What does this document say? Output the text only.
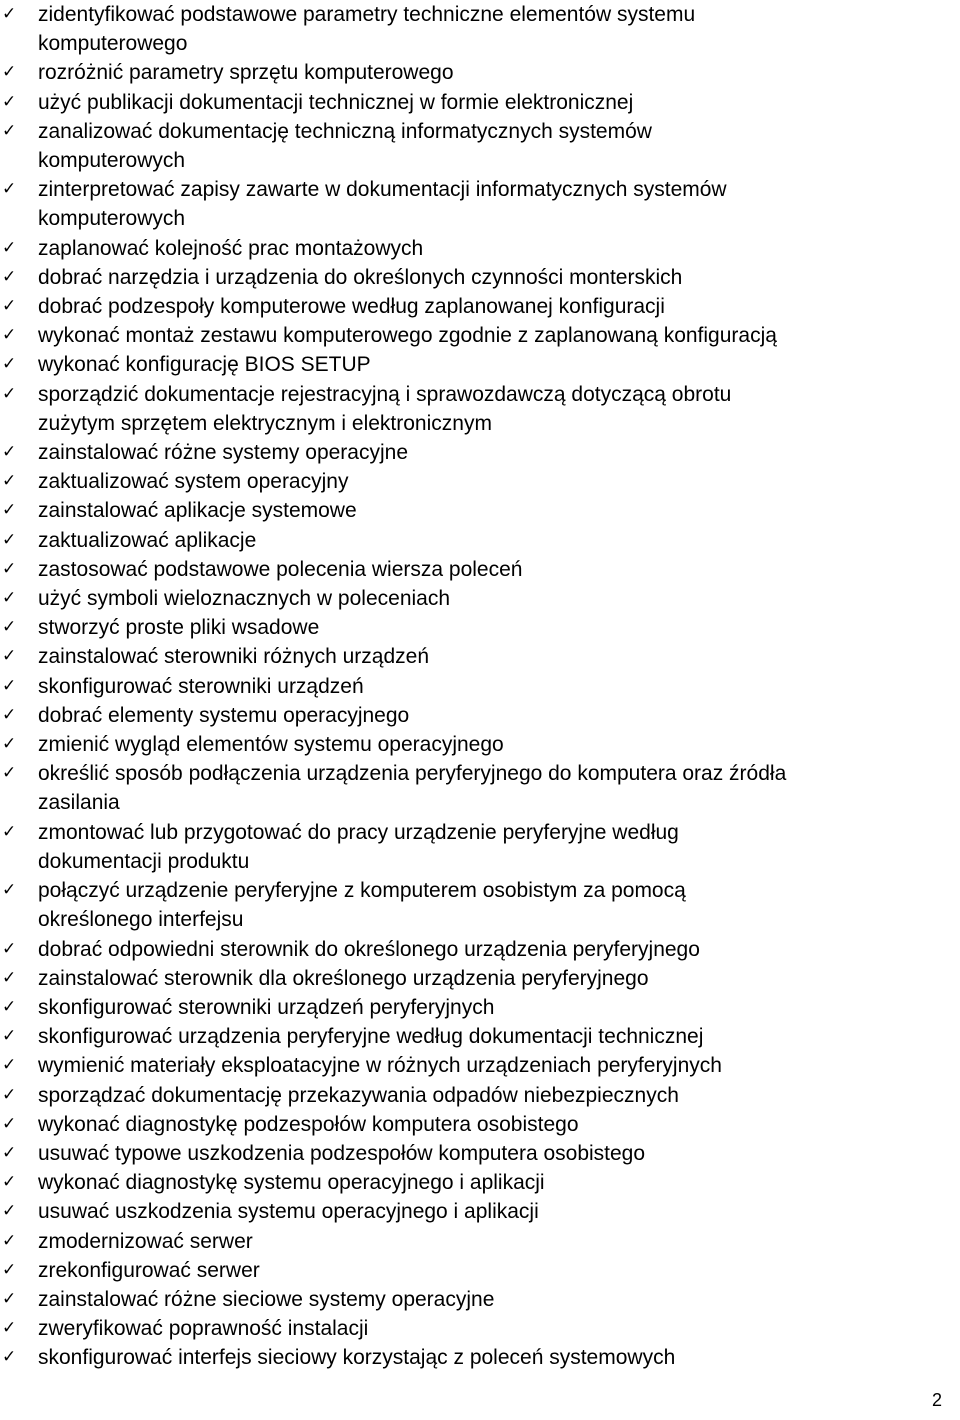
✓ zidentyfikować podstawowe parametry techniczne elementów systemu
komputerowego
✓ rozróżnić parametry sprzętu komputerowego
✓ użyć publikacji dokumentacji technicznej w formie elektronicznej
✓ zanalizować dokumentację techniczną informatycznych systemów
komputerowych
✓ zinterpretować zapisy zawarte w dokumentacji informatycznych systemów
komputerowych
✓ zaplanować kolejność prac montażowych
✓ dobrać narzędzia i urządzenia do określonych czynności monterskich
✓ dobrać podzespoły komputerowe według zaplanowanej konfiguracji
✓ wykonać montaż zestawu komputerowego zgodnie z zaplanowaną konfiguracją
✓ wykonać konfigurację BIOS SETUP
✓ sporządzić dokumentacje rejestracyjną i sprawozdawczą dotyczącą obrotu
zużytym sprzętem elektrycznym i elektronicznym
✓ zainstalować różne systemy operacyjne
✓ zaktualizować system operacyjny
✓ zainstalować aplikacje systemowe
✓ zaktualizować aplikacje
✓ zastosować podstawowe polecenia wiersza poleceń
✓ użyć symboli wieloznacznych w poleceniach
✓ stworzyć proste pliki wsadowe
✓ zainstalować sterowniki różnych urządzeń
✓ skonfigurować sterowniki urządzeń
✓ dobrać elementy systemu operacyjnego
✓ zmienić wygląd elementów systemu operacyjnego
✓ określić sposób podłączenia urządzenia peryferyjnego do komputera oraz źródła
zasilania
✓ zmontować lub przygotować do pracy urządzenie peryferyjne według
dokumentacji produktu
✓ połączyć urządzenie peryferyjne z komputerem osobistym za pomocą
określonego interfejsu
✓ dobrać odpowiedni sterownik do określonego urządzenia peryferyjnego
✓ zainstalować sterownik dla określonego urządzenia peryferyjnego
✓ skonfigurować sterowniki urządzeń peryferyjnych
✓ skonfigurować urządzenia peryferyjne według dokumentacji technicznej
✓ wymienić materiały eksploatacyjne w różnych urządzeniach peryferyjnych
✓ sporządzać dokumentację przekazywania odpadów niebezpiecznych
✓ wykonać diagnostykę podzespołów komputera osobistego
✓ usuwać typowe uszkodzenia podzespołów komputera osobistego
✓ wykonać diagnostykę systemu operacyjnego i aplikacji
✓ usuwać uszkodzenia systemu operacyjnego i aplikacji
✓ zmodernizować serwer
✓ zrekonfigurować serwer
✓ zainstalować różne sieciowe systemy operacyjne
✓ zweryfikować poprawność instalacji
✓ skonfigurować interfejs sieciowy korzystając z poleceń systemowych
2
